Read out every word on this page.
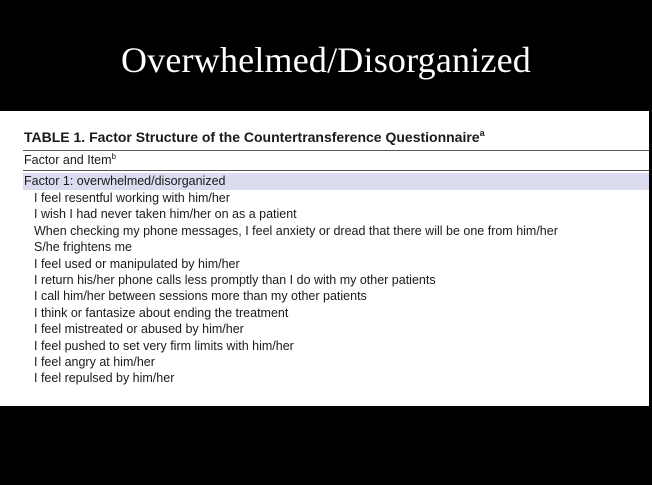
Overwhelmed/Disorganized
TABLE 1. Factor Structure of the Countertransference Questionnaire$^a$
Factor and Item$^b$
Factor 1: overwhelmed/disorganized
I feel resentful working with him/her
I wish I had never taken him/her on as a patient
When checking my phone messages, I feel anxiety or dread that there will be one from him/her
S/he frightens me
I feel used or manipulated by him/her
I return his/her phone calls less promptly than I do with my other patients
I call him/her between sessions more than my other patients
I think or fantasize about ending the treatment
I feel mistreated or abused by him/her
I feel pushed to set very firm limits with him/her
I feel angry at him/her
I feel repulsed by him/her
